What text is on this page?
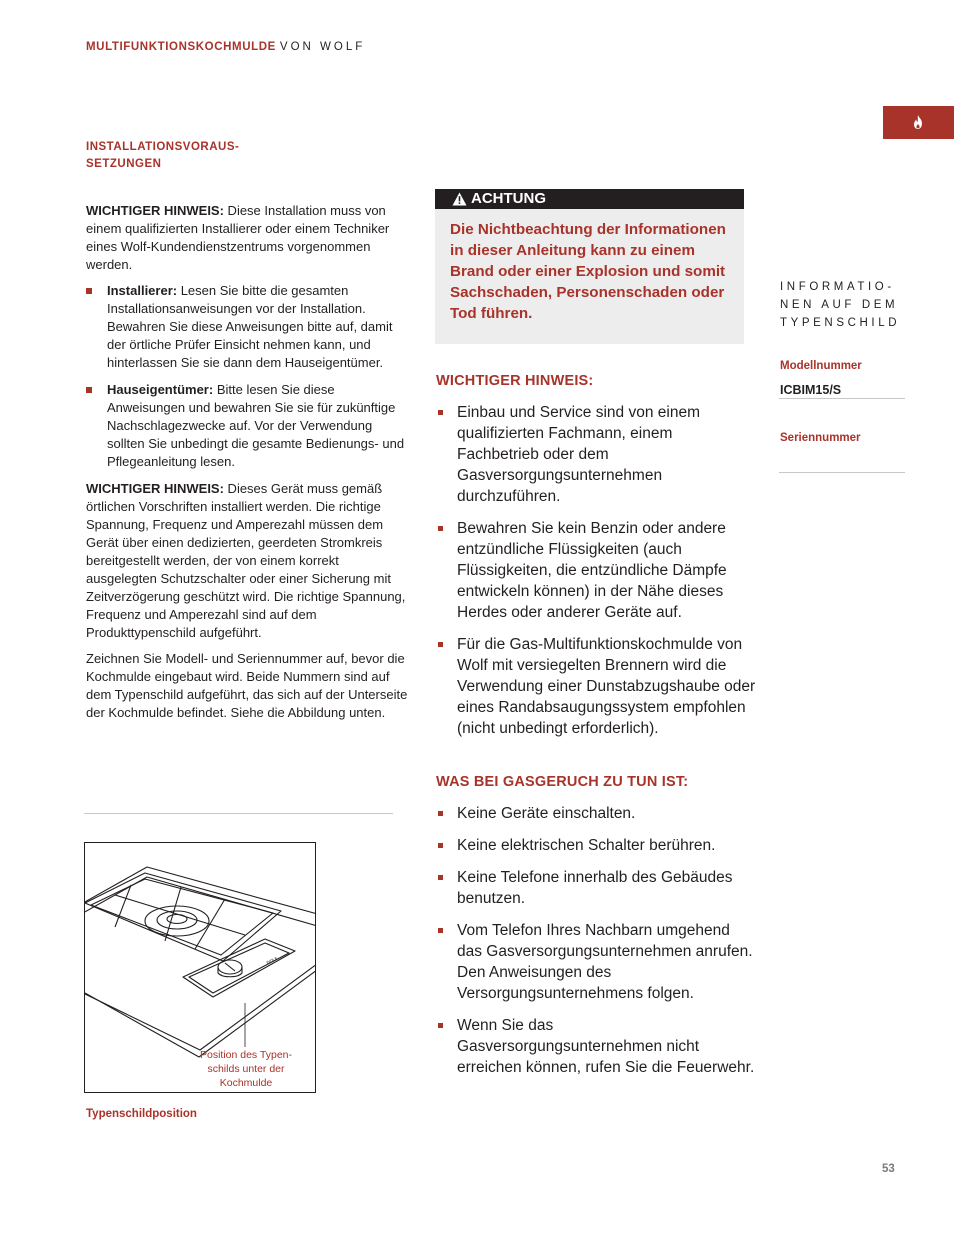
MULTIFUNKTIONSKOCHMULDE VON WOLF
INSTALLATIONSVORAUS-
SETZUNGEN

WICHTIGER HINWEIS: Diese Installation muss von einem qualifizierten Installierer oder einem Techniker eines Wolf-Kundendienstzentrums vorgenommen werden.

Installierer: Lesen Sie bitte die gesamten Installationsanweisungen vor der Installation. Bewahren Sie diese Anweisungen bitte auf, damit der örtliche Prüfer Einsicht nehmen kann, und hinterlassen Sie sie dann dem Hauseigentümer.
Hauseigentümer: Bitte lesen Sie diese Anweisungen und bewahren Sie sie für zukünftige Nachschlagezwecke auf. Vor der Verwendung sollten Sie unbedingt die gesamte Bedienungs- und Pflegeanleitung lesen.

WICHTIGER HINWEIS: Dieses Gerät muss gemäß örtlichen Vorschriften installiert werden. Die richtige Spannung, Frequenz und Amperezahl müssen dem Gerät über einen dedizierten, geerdeten Stromkreis bereitgestellt werden, der von einem korrekt ausgelegten Schutzschalter oder einer Sicherung mit Zeitverzögerung geschützt wird. Die richtige Spannung, Frequenz und Amperezahl sind auf dem Produkttypenschild aufgeführt.

Zeichnen Sie Modell- und Seriennummer auf, bevor die Kochmulde eingebaut wird. Beide Nummern sind auf dem Typenschild aufgeführt, das sich auf der Unterseite der Kochmulde befindet. Siehe die Abbildung unten.

WOLF
Position des Typen-
schilds unter der
Kochmulde
Typenschildposition
ACHTUNG
Die Nichtbeachtung der Informationen in dieser Anleitung kann zu einem Brand oder einer Explosion und somit Sachschaden, Personenschaden oder Tod führen.
WICHTIGER HINWEIS:
Einbau und Service sind von einem qualifizierten Fachmann, einem Fachbetrieb oder dem Gasversorgungsunternehmen durchzuführen.
Bewahren Sie kein Benzin oder andere entzündliche Flüssigkeiten (auch Flüssigkeiten, die entzündliche Dämpfe entwickeln können) in der Nähe dieses Herdes oder anderer Geräte auf.
Für die Gas-Multifunktionskochmulde von Wolf mit versiegelten Brennern wird die Verwendung einer Dunstabzugshaube oder eines Randabsaugungssystem empfohlen (nicht unbedingt erforderlich).
WAS BEI GASGERUCH ZU TUN IST:
Keine Geräte einschalten.
Keine elektrischen Schalter berühren.
Keine Telefone innerhalb des Gebäudes benutzen.
Vom Telefon Ihres Nachbarn umgehend das Gasversorgungsunternehmen anrufen. Den Anweisungen des Versorgungsunternehmens folgen.
Wenn Sie das Gasversorgungsunternehmen nicht erreichen können, rufen Sie die Feuerwehr.
INFORMATIO-
NEN AUF DEM
TYPENSCHILD
Modellnummer
ICBIM15/S
Seriennummer
53
